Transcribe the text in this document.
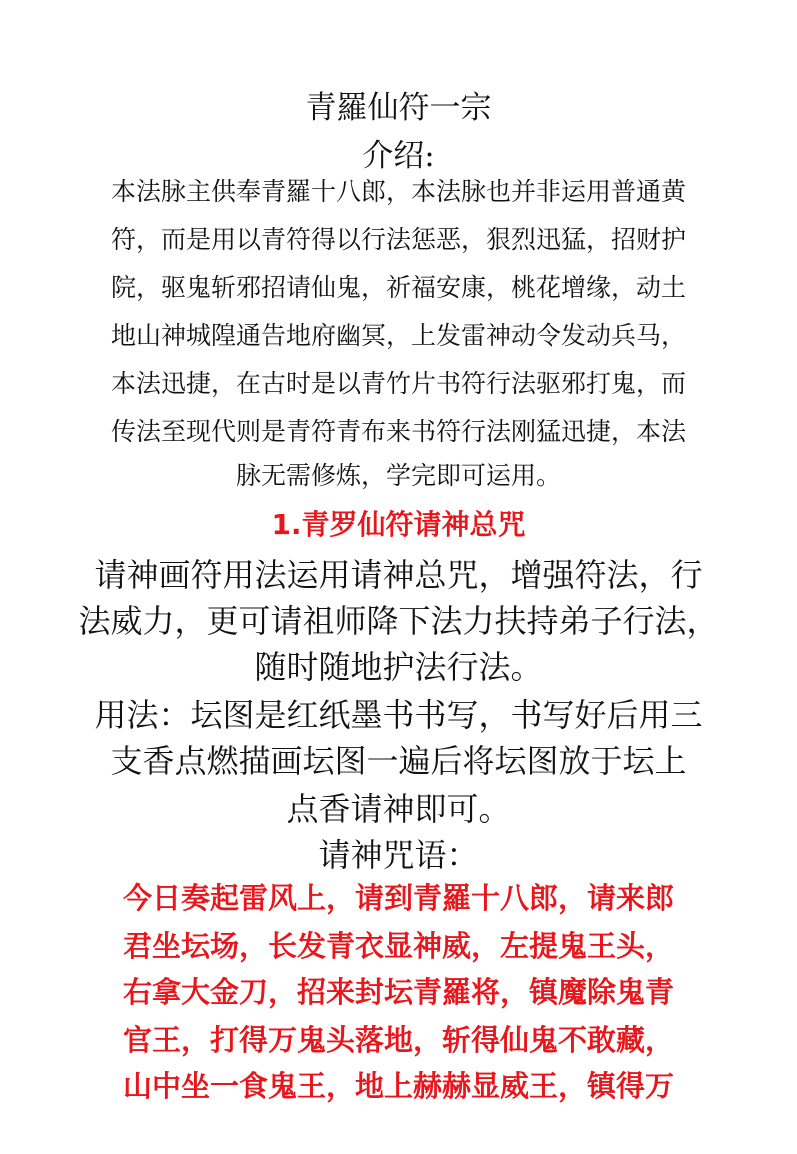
青羅仙符一宗
介绍:
本法脉主供奉青羅十八郎，本法脉也并非运用普通黄
符，而是用以青符得以行法惩恶，狠烈迅猛，招财护
院，驱鬼斩邪招请仙鬼，祈福安康，桃花增缘，动土
地山神城隍通告地府幽冥，上发雷神动令发动兵马，
本法迅捷，在古时是以青竹片书符行法驱邪打鬼，而
传法至现代则是青符青布来书符行法刚猛迅捷，本法
脉无需修炼，学完即可运用。
1.青罗仙符请神总咒
请神画符用法运用请神总咒，增强符法，行
法威力，更可请祖师降下法力扶持弟子行法，
随时随地护法行法。
用法：坛图是红纸墨书书写，书写好后用三
支香点燃描画坛图一遍后将坛图放于坛上
点香请神即可。
请神咒语：
今日奏起雷风上，请到青羅十八郎，请来郎
君坐坛场，长发青衣显神威，左提鬼王头，
右拿大金刀，招来封坛青羅将，镇魔除鬼青
官王，打得万鬼头落地，斩得仙鬼不敢藏，
山中坐一食鬼王，地上赫赫显威王，镇得万
